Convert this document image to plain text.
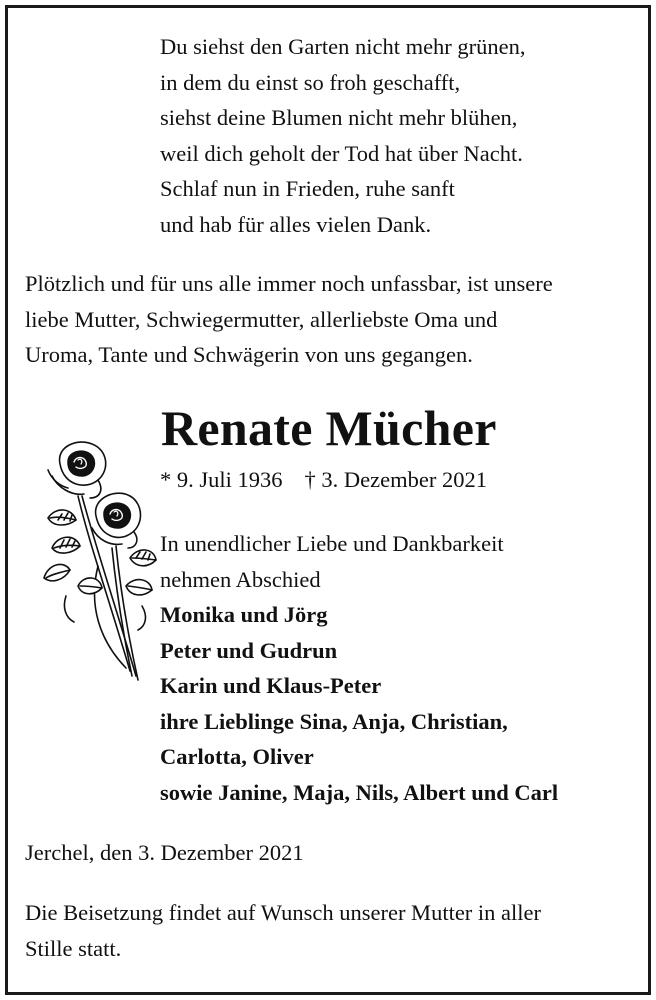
Du siehst den Garten nicht mehr grünen,
in dem du einst so froh geschafft,
siehst deine Blumen nicht mehr blühen,
weil dich geholt der Tod hat über Nacht.
Schlaf nun in Frieden, ruhe sanft
und hab für alles vielen Dank.
Plötzlich und für uns alle immer noch unfassbar, ist unsere
liebe Mutter, Schwiegermutter, allerliebste Oma und
Uroma, Tante und Schwägerin von uns gegangen.
Renate Mücher
* 9. Juli 1936 † 3. Dezember 2021
In unendlicher Liebe und Dankbarkeit
nehmen Abschied
Monika und Jörg
Peter und Gudrun
Karin und Klaus-Peter
ihre Lieblinge Sina, Anja, Christian,
Carlotta, Oliver
sowie Janine, Maja, Nils, Albert und Carl
Jerchel, den 3. Dezember 2021
Die Beisetzung findet auf Wunsch unserer Mutter in aller
Stille statt.
